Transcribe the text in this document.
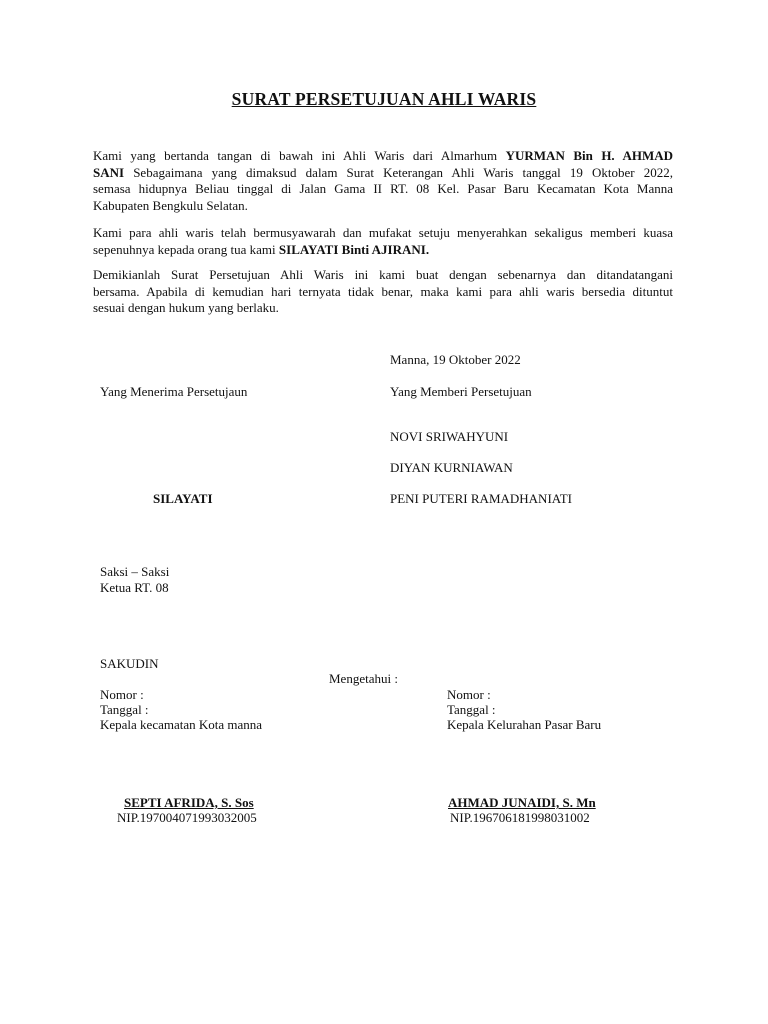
SURAT PERSETUJUAN AHLI WARIS
Kami yang bertanda tangan di bawah ini Ahli Waris dari Almarhum YURMAN Bin H. AHMAD
SANI Sebagaimana yang dimaksud dalam Surat Keterangan Ahli Waris tanggal 19 Oktober 2022,
semasa hidupnya Beliau tinggal di Jalan Gama II RT. 08 Kel. Pasar Baru Kecamatan Kota Manna
Kabupaten Bengkulu Selatan.
Kami para ahli waris telah bermusyawarah dan mufakat setuju menyerahkan sekaligus memberi kuasa
sepenuhnya kepada orang tua kami SILAYATI Binti AJIRANI.
Demikianlah Surat Persetujuan Ahli Waris ini kami buat dengan sebenarnya dan ditandatangani
bersama. Apabila di kemudian hari ternyata tidak benar, maka kami para ahli waris bersedia dituntut
sesuai dengan hukum yang berlaku.
Manna, 19 Oktober 2022
Yang Menerima Persetujaun	Yang Memberi Persetujuan
NOVI SRIWAHYUNI
DIYAN KURNIAWAN
PENI PUTERI RAMADHANIATI
SILAYATI
Saksi – Saksi
Ketua RT. 08
SAKUDIN
Mengetahui :
Nomor :
Tanggal :
Kepala kecamatan Kota manna
SEPTI AFRIDA, S. Sos
NIP.197004071993032005
Nomor :
Tanggal :
Kepala Kelurahan Pasar Baru
AHMAD JUNAIDI, S. Mn
NIP.196706181998031002
